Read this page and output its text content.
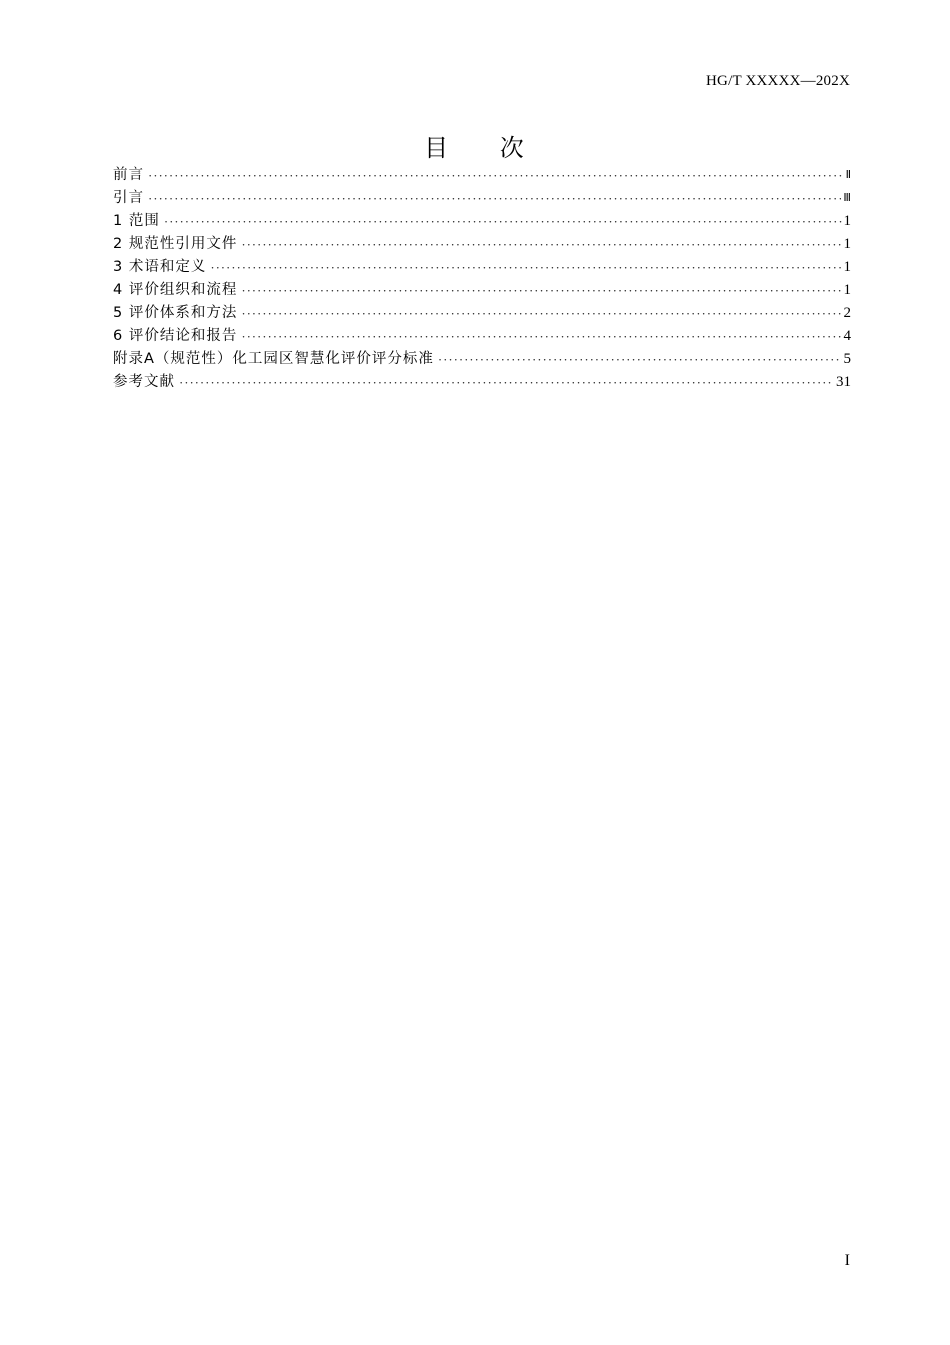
HG/T XXXXX—202X
目 次
前言 ·····	Ⅱ
引言 ·····	Ⅲ
1 范围 ·····	1
2 规范性引用文件 ·····	1
3 术语和定义 ·····	1
4 评价组织和流程 ·····	1
5 评价体系和方法 ·····	2
6 评价结论和报告 ·····	4
附录A（规范性）化工园区智慧化评价评分标准 ·····	5
参考文献 ·····	31
I
